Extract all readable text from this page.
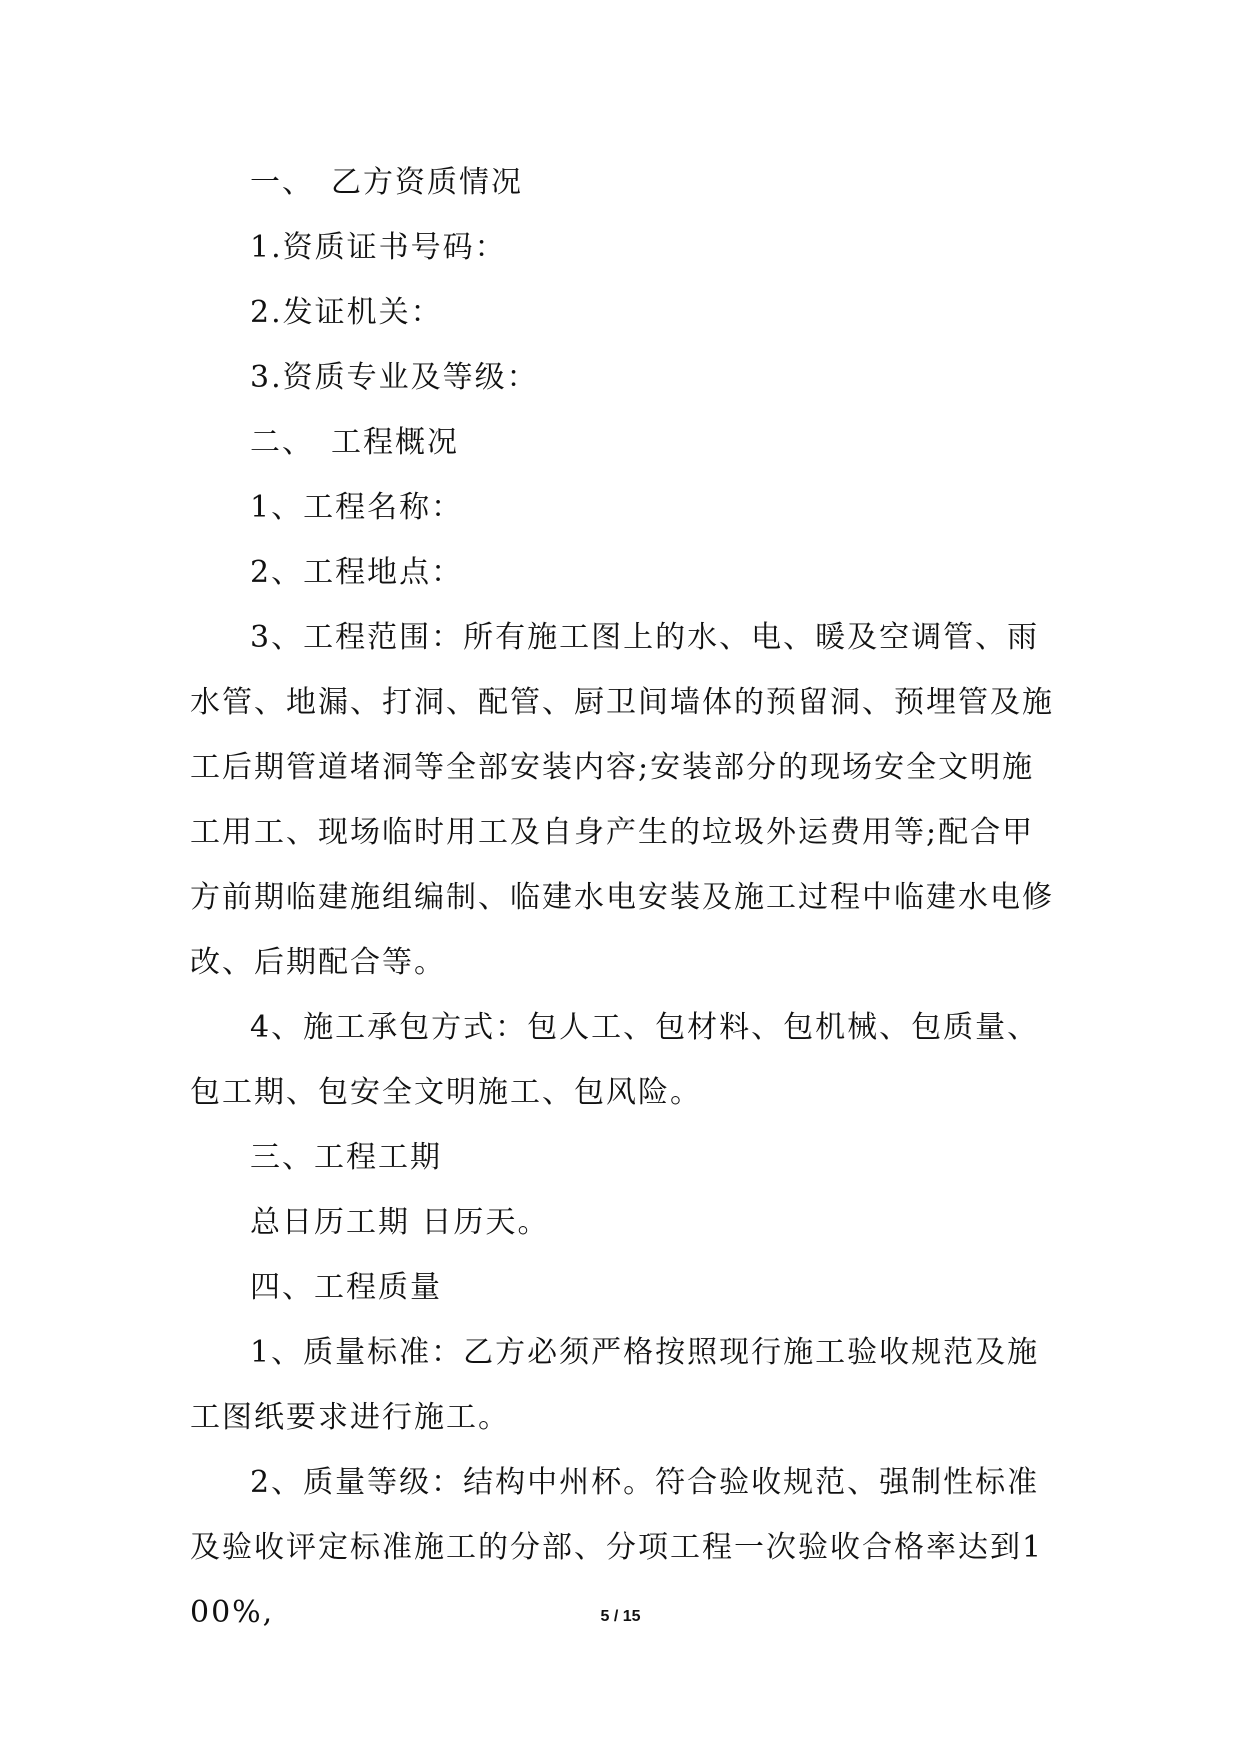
一、　乙方资质情况

1.资质证书号码：

2.发证机关：

3.资质专业及等级：

二、　工程概况

1、工程名称：

2、工程地点：

3、工程范围：所有施工图上的水、电、暖及空调管、雨水管、地漏、打洞、配管、厨卫间墙体的预留洞、预埋管及施工后期管道堵洞等全部安装内容;安装部分的现场安全文明施工用工、现场临时用工及自身产生的垃圾外运费用等;配合甲方前期临建施组编制、临建水电安装及施工过程中临建水电修改、后期配合等。

4、施工承包方式：包人工、包材料、包机械、包质量、包工期、包安全文明施工、包风险。

三、工程工期

总日历工期 日历天。

四、工程质量

1、质量标准：乙方必须严格按照现行施工验收规范及施工图纸要求进行施工。

2、质量等级：结构中州杯。符合验收规范、强制性标准及验收评定标准施工的分部、分项工程一次验收合格率达到100%,	5 / 15
